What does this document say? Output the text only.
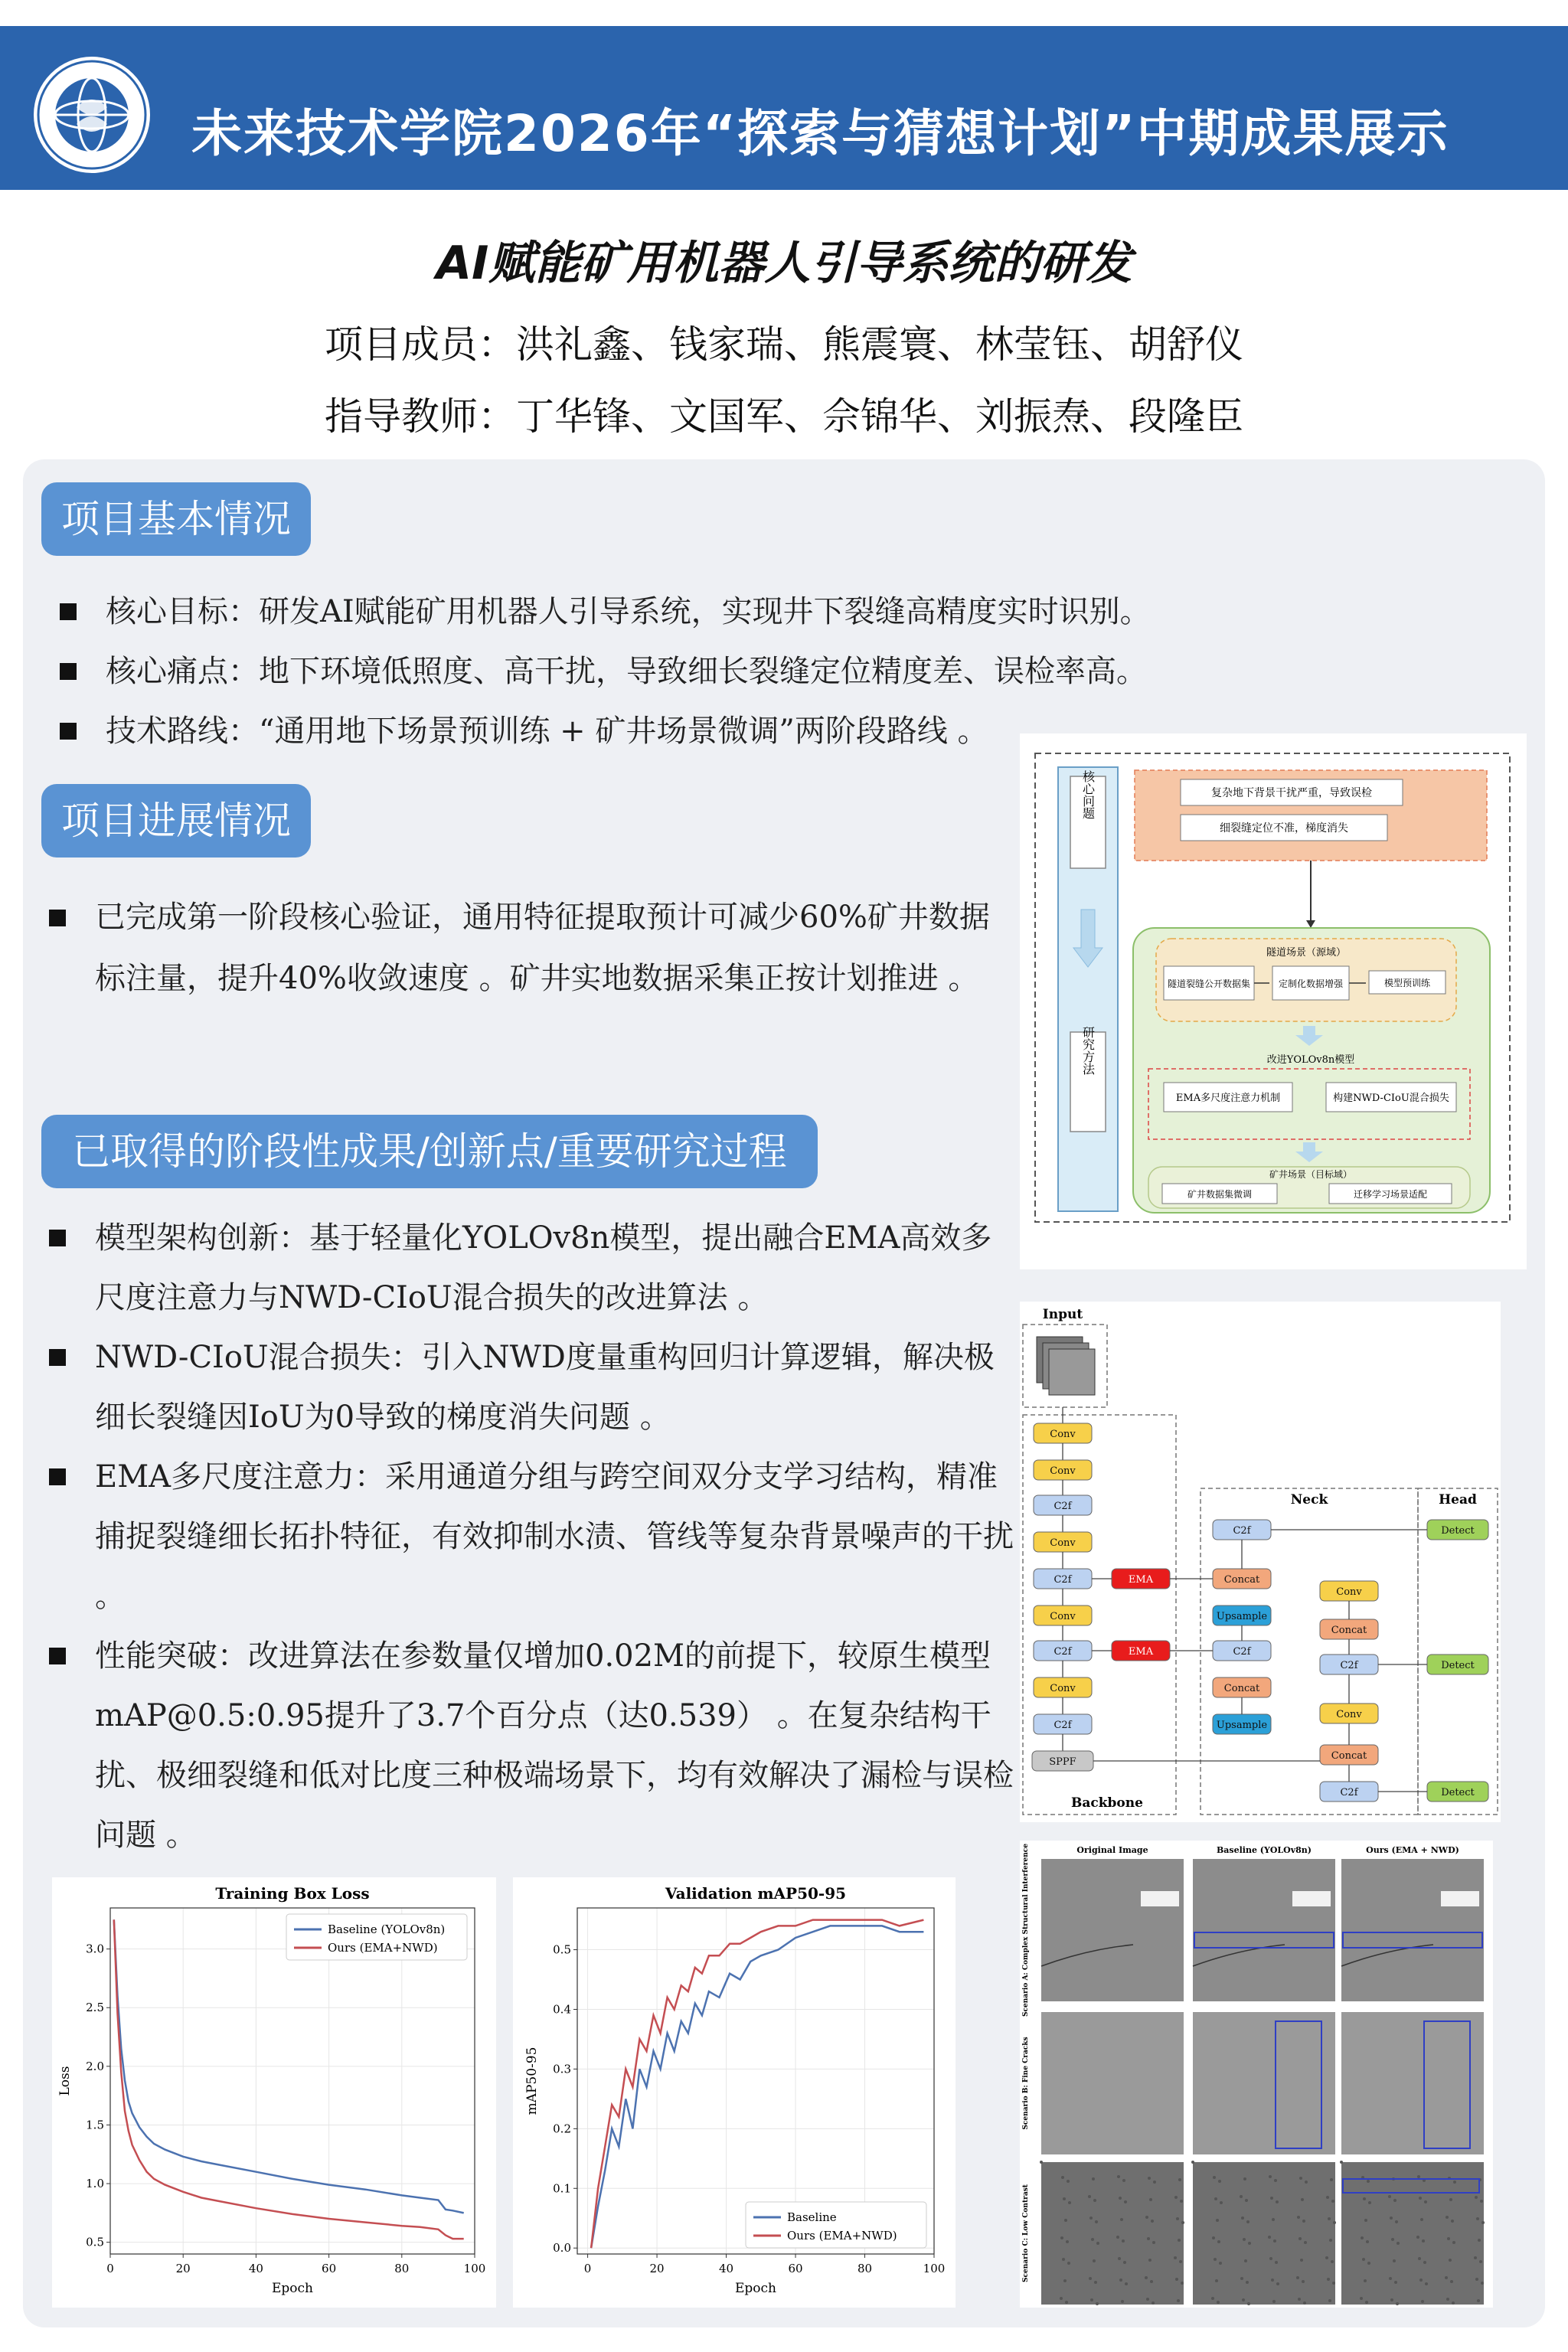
未来技术学院2026年“探索与猜想计划”中期成果展示
AI赋能矿用机器人引导系统的研发
项目成员：洪礼鑫、钱家瑞、熊震寰、林莹钰、胡舒仪
指导教师：丁华锋、文国军、佘锦华、刘振焘、段隆臣
项目基本情况
核心目标：研发AI赋能矿用机器人引导系统，实现井下裂缝高精度实时识别。
核心痛点：地下环境低照度、高干扰，导致细长裂缝定位精度差、误检率高。
技术路线：“通用地下场景预训练 + 矿井场景微调”两阶段路线 。
项目进展情况
已完成第一阶段核心验证，通用特征提取预计可减少60%矿井数据标注量，提升40%收敛速度 。矿井实地数据采集正按计划推进 。
已取得的阶段性成果/创新点/重要研究过程
模型架构创新：基于轻量化YOLOv8n模型，提出融合EMA高效多尺度注意力与NWD-CIoU混合损失的改进算法 。
NWD-CIoU混合损失：引入NWD度量重构回归计算逻辑，解决极细长裂缝因IoU为0导致的梯度消失问题 。
EMA多尺度注意力：采用通道分组与跨空间双分支学习结构，精准捕捉裂缝细长拓扑特征，有效抑制水渍、管线等复杂背景噪声的干扰 。
性能突破：改进算法在参数量仅增加0.02M的前提下，较原生模型mAP@0.5:0.95提升了3.7个百分点（达0.539） 。在复杂结构干扰、极细裂缝和低对比度三种极端场景下，均有效解决了漏检与误检问题 。
核心问题
研究方法
复杂地下背景干扰严重，导致误检
细裂缝定位不准，梯度消失
隧道场景（源域）
隧道裂缝公开数据集	定制化数据增强	模型预训练
改进YOLOv8n模型
EMA多尺度注意力机制	构建NWD-CIoU混合损失
矿井场景（目标域）
矿井数据集微调	迁移学习场景适配
Input
Backbone
Neck	Head
Conv
Conv
C2f
Conv
C2f
Conv
C2f
Conv
C2f
SPPF
EMA
EMA
C2f
Concat
Upsample
C2f
Concat
Upsample
Conv
Concat
C2f
Conv
Concat
C2f
Detect
Detect
Detect
Original Image	Baseline (YOLOv8n)	Ours (EMA + NWD)
Scenario A: Complex Structural Interference
Scenario B: Fine Cracks
Scenario C: Low Contrast
Training Box Loss
0.5
1.0
1.5
2.0
2.5
3.0
0	20	40	60	80	100
Epoch
Loss
Baseline (YOLOv8n)
Ours (EMA+NWD)
Validation mAP50-95
0.0
0.1
0.2
0.3
0.4
0.5
0	20	40	60	80	100
Epoch
mAP50-95
Baseline
Ours (EMA+NWD)
